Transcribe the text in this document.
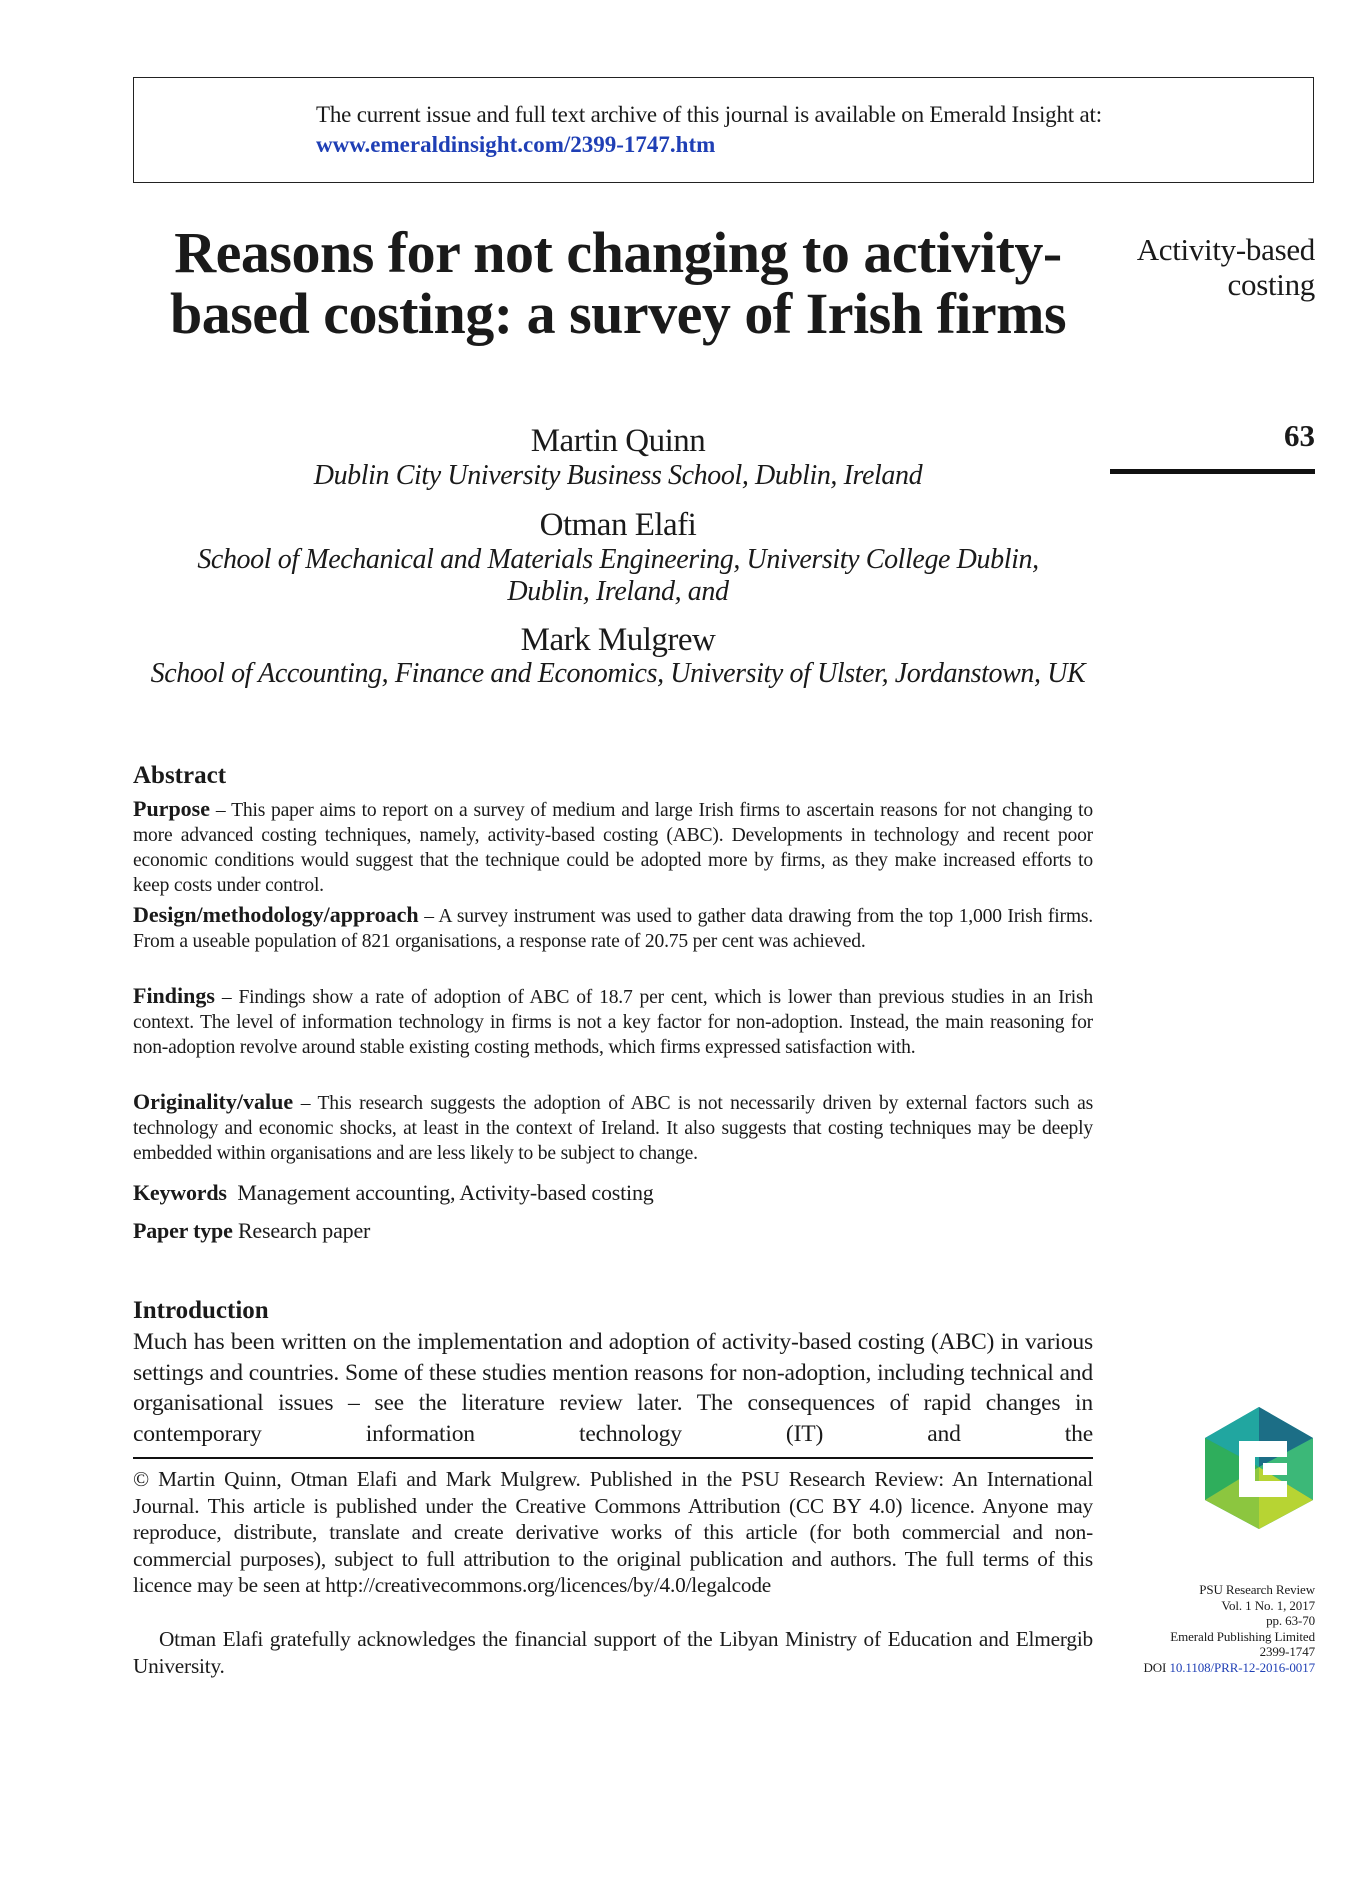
The current issue and full text archive of this journal is available on Emerald Insight at:
www.emeraldinsight.com/2399-1747.htm
Reasons for not changing to activity-based costing: a survey of Irish firms
Activity-based
costing
63
Martin Quinn
Dublin City University Business School, Dublin, Ireland
Otman Elafi
School of Mechanical and Materials Engineering, University College Dublin,
Dublin, Ireland, and
Mark Mulgrew
School of Accounting, Finance and Economics, University of Ulster, Jordanstown, UK
Abstract

Purpose – This paper aims to report on a survey of medium and large Irish firms to ascertain reasons for not changing to more advanced costing techniques, namely, activity-based costing (ABC). Developments in technology and recent poor economic conditions would suggest that the technique could be adopted more by firms, as they make increased efforts to keep costs under control.

Design/methodology/approach – A survey instrument was used to gather data drawing from the top 1,000 Irish firms. From a useable population of 821 organisations, a response rate of 20.75 per cent was achieved.

Findings – Findings show a rate of adoption of ABC of 18.7 per cent, which is lower than previous studies in an Irish context. The level of information technology in firms is not a key factor for non-adoption. Instead, the main reasoning for non-adoption revolve around stable existing costing methods, which firms expressed satisfaction with.

Originality/value – This research suggests the adoption of ABC is not necessarily driven by external factors such as technology and economic shocks, at least in the context of Ireland. It also suggests that costing techniques may be deeply embedded within organisations and are less likely to be subject to change.

Keywords Management accounting, Activity-based costing
Paper type Research paper
Introduction

Much has been written on the implementation and adoption of activity-based costing (ABC) in various settings and countries. Some of these studies mention reasons for non-adoption, including technical and organisational issues – see the literature review later. The consequences of rapid changes in contemporary information technology (IT) and the

© Martin Quinn, Otman Elafi and Mark Mulgrew. Published in the PSU Research Review: An International Journal. This article is published under the Creative Commons Attribution (CC BY 4.0) licence. Anyone may reproduce, distribute, translate and create derivative works of this article (for both commercial and non-commercial purposes), subject to full attribution to the original publication and authors. The full terms of this licence may be seen at http://creativecommons.org/licences/by/4.0/legalcode

Otman Elafi gratefully acknowledges the financial support of the Libyan Ministry of Education and Elmergib University.

PSU Research Review
Vol. 1 No. 1, 2017
pp. 63-70
Emerald Publishing Limited
2399-1747
DOI 10.1108/PRR-12-2016-0017
